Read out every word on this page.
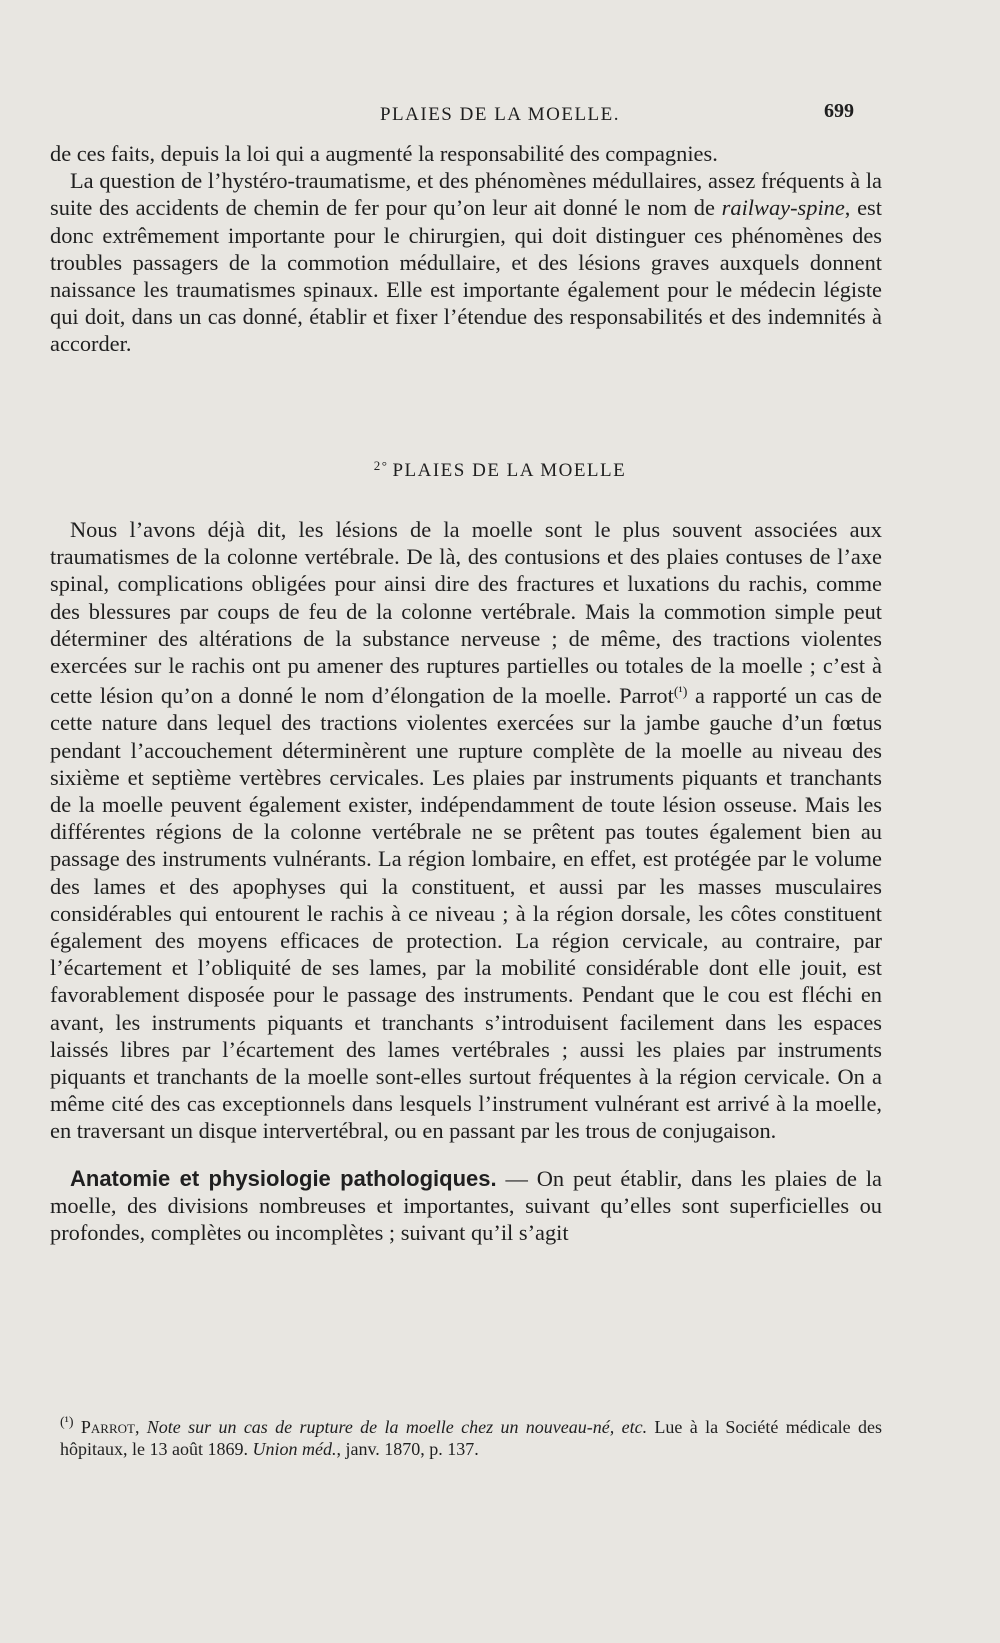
PLAIES DE LA MOELLE.	699

de ces faits, depuis la loi qui a augmenté la responsabilité des compagnies.

La question de l’hystéro-traumatisme, et des phénomènes médullaires, assez fréquents à la suite des accidents de chemin de fer pour qu’on leur ait donné le nom de railway-spine, est donc extrêmement importante pour le chirurgien, qui doit distinguer ces phénomènes des troubles passagers de la commotion médullaire, et des lésions graves auxquels donnent naissance les traumatismes spinaux. Elle est importante également pour le médecin légiste qui doit, dans un cas donné, établir et fixer l’étendue des responsabilités et des indemnités à accorder.

$^{2^\circ}$ PLAIES DE LA MOELLE

Nous l’avons déjà dit, les lésions de la moelle sont le plus souvent associées aux traumatismes de la colonne vertébrale. De là, des contusions et des plaies contuses de l’axe spinal, complications obligées pour ainsi dire des fractures et luxations du rachis, comme des blessures par coups de feu de la colonne vertébrale. Mais la commotion simple peut déterminer des altérations de la substance nerveuse ; de même, des tractions violentes exercées sur le rachis ont pu amener des ruptures partielles ou totales de la moelle ; c’est à cette lésion qu’on a donné le nom d’élongation de la moelle. Parrot$^{(^1)}$ a rapporté un cas de cette nature dans lequel des tractions violentes exercées sur la jambe gauche d’un fœtus pendant l’accouchement déterminèrent une rupture complète de la moelle au niveau des sixième et septième vertèbres cervicales. Les plaies par instruments piquants et tranchants de la moelle peuvent également exister, indépendamment de toute lésion osseuse. Mais les différentes régions de la colonne vertébrale ne se prêtent pas toutes également bien au passage des instruments vulnérants. La région lombaire, en effet, est protégée par le volume des lames et des apophyses qui la constituent, et aussi par les masses musculaires considérables qui entourent le rachis à ce niveau ; à la région dorsale, les côtes constituent également des moyens efficaces de protection. La région cervicale, au contraire, par l’écartement et l’obliquité de ses lames, par la mobilité considérable dont elle jouit, est favorablement disposée pour le passage des instruments. Pendant que le cou est fléchi en avant, les instruments piquants et tranchants s’introduisent facilement dans les espaces laissés libres par l’écartement des lames vertébrales ; aussi les plaies par instruments piquants et tranchants de la moelle sont-elles surtout fréquentes à la région cervicale. On a même cité des cas exceptionnels dans lesquels l’instrument vulnérant est arrivé à la moelle, en traversant un disque intervertébral, ou en passant par les trous de conjugaison.

Anatomie et physiologie pathologiques. — On peut établir, dans les plaies de la moelle, des divisions nombreuses et importantes, suivant qu’elles sont superficielles ou profondes, complètes ou incomplètes ; suivant qu’il s’agit

$^{(^1)}$ Parrot, Note sur un cas de rupture de la moelle chez un nouveau-né, etc. Lue à la Société médicale des hôpitaux, le 13 août 1869. Union méd., janv. 1870, p. 137.
